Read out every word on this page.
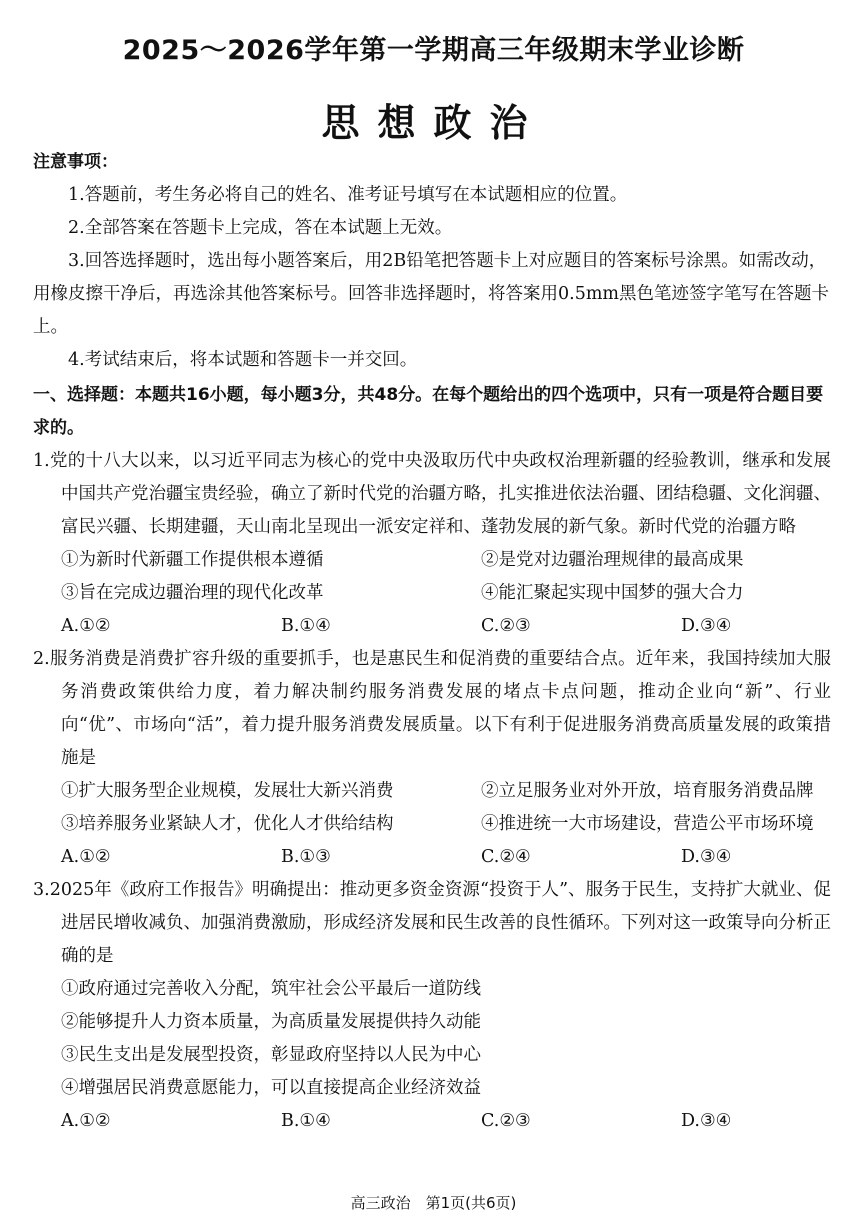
2025～2026学年第一学期高三年级期末学业诊断
思想政治
注意事项：
1.答题前，考生务必将自己的姓名、准考证号填写在本试题相应的位置。
2.全部答案在答题卡上完成，答在本试题上无效。
3.回答选择题时，选出每小题答案后，用2B铅笔把答题卡上对应题目的答案标号涂黑。如需改动，用橡皮擦干净后，再选涂其他答案标号。回答非选择题时，将答案用0.5mm黑色笔迹签字笔写在答题卡上。
4.考试结束后，将本试题和答题卡一并交回。
一、选择题：本题共16小题，每小题3分，共48分。在每个题给出的四个选项中，只有一项是符合题目要求的。
1.党的十八大以来，以习近平同志为核心的党中央汲取历代中央政权治理新疆的经验教训，继承和发展中国共产党治疆宝贵经验，确立了新时代党的治疆方略，扎实推进依法治疆、团结稳疆、文化润疆、富民兴疆、长期建疆，天山南北呈现出一派安定祥和、蓬勃发展的新气象。新时代党的治疆方略
①为新时代新疆工作提供根本遵循	②是党对边疆治理规律的最高成果
③旨在完成边疆治理的现代化改革	④能汇聚起实现中国梦的强大合力
A.①②	B.①④	C.②③	D.③④
2.服务消费是消费扩容升级的重要抓手，也是惠民生和促消费的重要结合点。近年来，我国持续加大服务消费政策供给力度，着力解决制约服务消费发展的堵点卡点问题，推动企业向“新”、行业向“优”、市场向“活”，着力提升服务消费发展质量。以下有利于促进服务消费高质量发展的政策措施是
①扩大服务型企业规模，发展壮大新兴消费	②立足服务业对外开放，培育服务消费品牌
③培养服务业紧缺人才，优化人才供给结构	④推进统一大市场建设，营造公平市场环境
A.①②	B.①③	C.②④	D.③④
3.2025年《政府工作报告》明确提出：推动更多资金资源“投资于人”、服务于民生，支持扩大就业、促进居民增收减负、加强消费激励，形成经济发展和民生改善的良性循环。下列对这一政策导向分析正确的是
①政府通过完善收入分配，筑牢社会公平最后一道防线
②能够提升人力资本质量，为高质量发展提供持久动能
③民生支出是发展型投资，彰显政府坚持以人民为中心
④增强居民消费意愿能力，可以直接提高企业经济效益
A.①②	B.①④	C.②③	D.③④
高三政治　第1页(共6页)
